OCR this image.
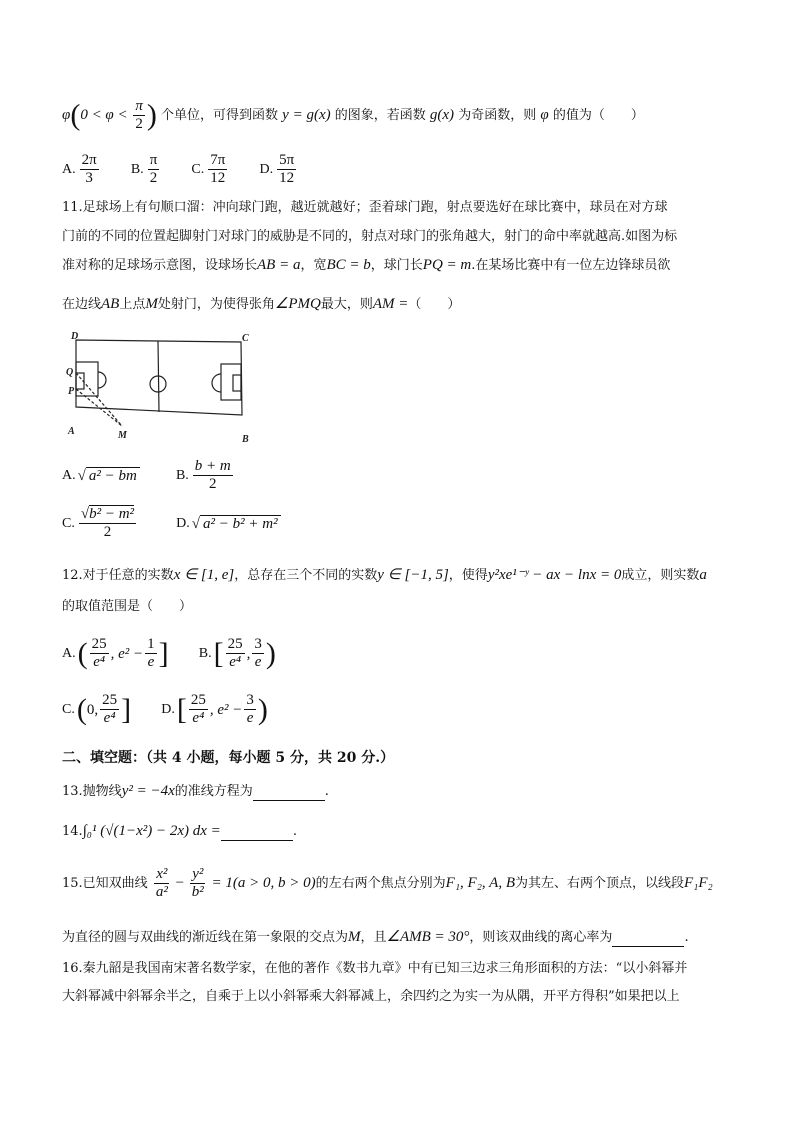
$\varphi(0 < \varphi < \frac{\pi}{2}$ ) 个单位，可得到函数 y = g(x) 的图象，若函数 g(x) 为奇函数，则 φ 的值为（　　）
A. $\frac{2\pi}{3}$
B. $\frac{\pi}{2}$
C. $\frac{7\pi}{12}$
D. $\frac{5\pi}{12}$
11.足球场上有句顺口溜：冲向球门跑，越近就越好；歪着球门跑，射点要选好在球比赛中，球员在对方球
门前的不同的位置起脚射门对球门的威胁是不同的，射点对球门的张角越大，射门的命中率就越高.如图为标
准对称的足球场示意图，设球场长AB = a，宽BC = b，球门长PQ = m.在某场比赛中有一位左边锋球员欲
在边线AB上点M处射门，为使得张角∠PMQ最大，则AM =（　　）
D	C
Q
P
A	M	B
A. √ a² − bm
	B. $\frac{b + m}{2}$
C. $\frac{\text{√b² − m²}}{2}$
	D. √ a² − b² + m²
12.对于任意的实数x ∈ [1, e]，总存在三个不同的实数y ∈ [−1, 5]，使得y²xe¹⁻ʸ − ax − lnx = 0成立，则实数a
的取值范围是（　　）
A. ( $\frac{25}{\text{e⁴}}$ , $e^2 - \frac{1}{e}$ ]
B. [ $\frac{25}{\text{e⁴}}$ , $\frac{3}{e}$ )
C. ( 0, $\frac{25}{\text{e⁴}}$ ]
D. [ $\frac{25}{\text{e⁴}}$ , $e^2 - \frac{3}{e}$ )
二、填空题：（共 4 小题，每小题 5 分，共 20 分.）
13.抛物线y² = −4x的准线方程为	.
14.∫₀¹ (√(1−x²) − 2x) dx =	.
15.已知双曲线 $\frac{\text{x²}}{\text{a²}} - \frac{\text{y²}}{\text{b²}} = 1(a > 0$, b > 0)的左右两个焦点分别为F₁, F₂, A, B为其左、右两个顶点，以线段F₁F₂
为直径的圆与双曲线的渐近线在第一象限的交点为M，且∠AMB = 30°，则该双曲线的离心率为	.
16.秦九韶是我国南宋著名数学家，在他的著作《数书九章》中有已知三边求三角形面积的方法：“以小斜幂并
大斜幂减中斜幂余半之，自乘于上以小斜幂乘大斜幂减上，余四约之为实一为从隅，开平方得积”如果把以上
